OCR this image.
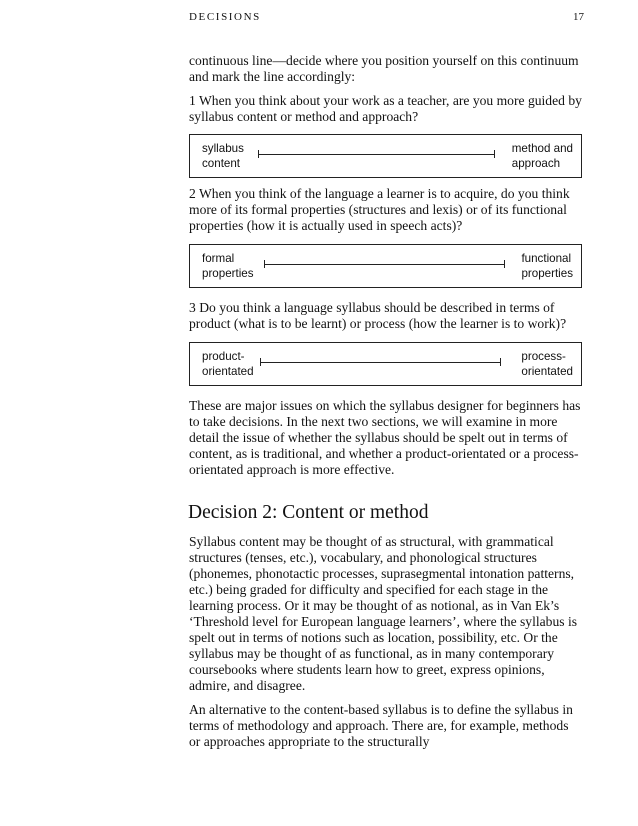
DECISIONS	17

continuous line—decide where you position yourself on this continuum and mark the line accordingly:

1 When you think about your work as a teacher, are you more guided by syllabus content or method and approach?

syllabus
content
method and
approach

2 When you think of the language a learner is to acquire, do you think more of its formal properties (structures and lexis) or of its functional properties (how it is actually used in speech acts)?

formal
properties
functional
properties

3 Do you think a language syllabus should be described in terms of product (what is to be learnt) or process (how the learner is to work)?

product-
orientated
process-
orientated

These are major issues on which the syllabus designer for beginners has to take decisions. In the next two sections, we will examine in more detail the issue of whether the syllabus should be spelt out in terms of content, as is traditional, and whether a product-orientated or a process-orientated approach is more effective.

Decision 2: Content or method

Syllabus content may be thought of as structural, with grammatical structures (tenses, etc.), vocabulary, and phonological structures (phonemes, phonotactic processes, suprasegmental intonation patterns, etc.) being graded for difficulty and specified for each stage in the learning process. Or it may be thought of as notional, as in Van Ek’s ‘Threshold level for European language learners’, where the syllabus is spelt out in terms of notions such as location, possibility, etc. Or the syllabus may be thought of as functional, as in many contemporary coursebooks where students learn how to greet, express opinions, admire, and disagree.

An alternative to the content-based syllabus is to define the syllabus in terms of methodology and approach. There are, for example, methods or approaches appropriate to the structurally
